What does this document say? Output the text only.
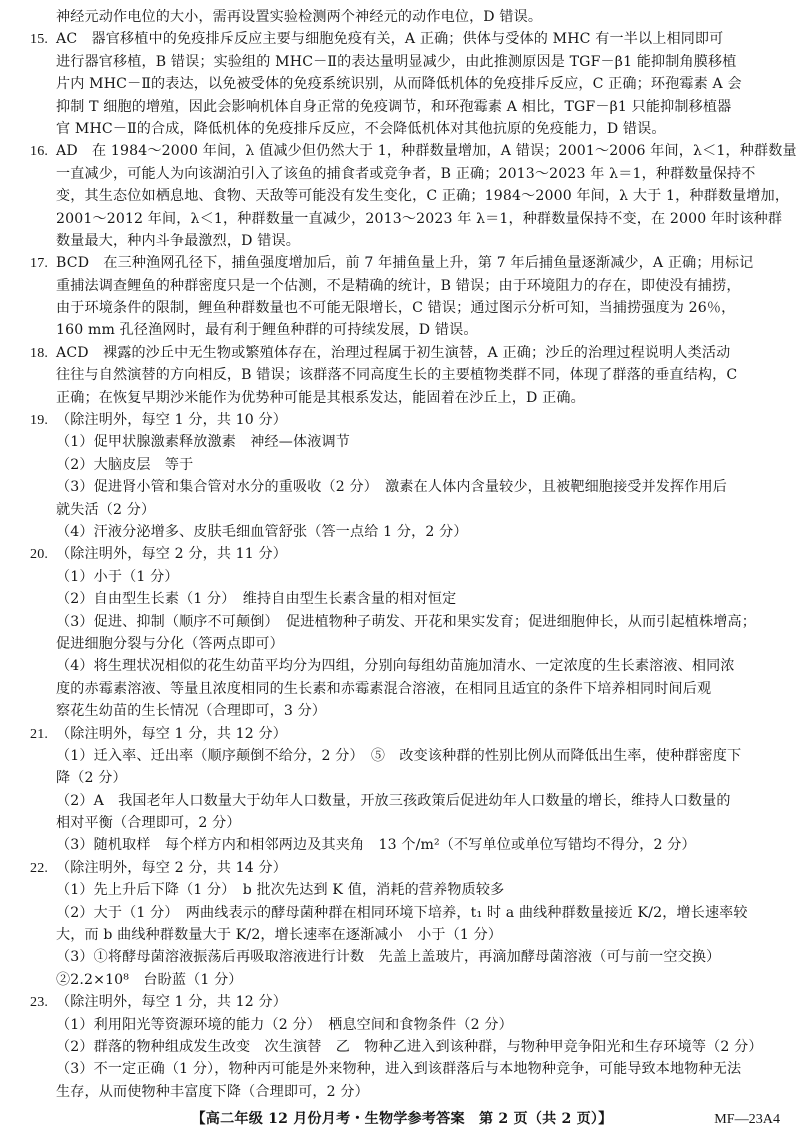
神经元动作电位的大小，需再设置实验检测两个神经元的动作电位，D 错误。
15. AC　器官移植中的免疫排斥反应主要与细胞免疫有关，A 正确；供体与受体的 MHC 有一半以上相同即可
进行器官移植，B 错误；实验组的 MHC－Ⅱ的表达量明显减少，由此推测原因是 TGF－β1 能抑制角膜移植
片内 MHC－Ⅱ的表达，以免被受体的免疫系统识别，从而降低机体的免疫排斥反应，C 正确；环孢霉素 A 会
抑制 T 细胞的增殖，因此会影响机体自身正常的免疫调节，和环孢霉素 A 相比，TGF－β1 只能抑制移植器
官 MHC－Ⅱ的合成，降低机体的免疫排斥反应，不会降低机体对其他抗原的免疫能力，D 错误。
16. AD　在 1984～2000 年间，λ 值减少但仍然大于 1，种群数量增加，A 错误；2001～2006 年间，λ＜1，种群数量
一直减少，可能人为向该湖泊引入了该鱼的捕食者或竞争者，B 正确；2013～2023 年 λ＝1，种群数量保持不
变，其生态位如栖息地、食物、天敌等可能没有发生变化，C 正确；1984～2000 年间，λ 大于 1，种群数量增加，
2001～2012 年间，λ＜1，种群数量一直减少，2013～2023 年 λ＝1，种群数量保持不变，在 2000 年时该种群
数量最大，种内斗争最激烈，D 错误。
17. BCD　在三种渔网孔径下，捕鱼强度增加后，前 7 年捕鱼量上升，第 7 年后捕鱼量逐渐减少，A 正确；用标记
重捕法调查鲤鱼的种群密度只是一个估测，不是精确的统计，B 错误；由于环境阻力的存在，即使没有捕捞，
由于环境条件的限制，鲤鱼种群数量也不可能无限增长，C 错误；通过图示分析可知，当捕捞强度为 26％，
160 mm 孔径渔网时，最有利于鲤鱼种群的可持续发展，D 错误。
18. ACD　裸露的沙丘中无生物或繁殖体存在，治理过程属于初生演替，A 正确；沙丘的治理过程说明人类活动
往往与自然演替的方向相反，B 错误；该群落不同高度生长的主要植物类群不同，体现了群落的垂直结构，C
正确；在恢复早期沙米能作为优势种可能是其根系发达，能固着在沙丘上，D 正确。
19. （除注明外，每空 1 分，共 10 分）
（1）促甲状腺激素释放激素　神经—体液调节
（2）大脑皮层　等于
（3）促进肾小管和集合管对水分的重吸收（2 分）　激素在人体内含量较少，且被靶细胞接受并发挥作用后
就失活（2 分）
（4）汗液分泌增多、皮肤毛细血管舒张（答一点给 1 分，2 分）
20. （除注明外，每空 2 分，共 11 分）
（1）小于（1 分）
（2）自由型生长素（1 分）　维持自由型生长素含量的相对恒定
（3）促进、抑制（顺序不可颠倒）　促进植物种子萌发、开花和果实发育；促进细胞伸长，从而引起植株增高；
促进细胞分裂与分化（答两点即可）
（4）将生理状况相似的花生幼苗平均分为四组，分别向每组幼苗施加清水、一定浓度的生长素溶液、相同浓
度的赤霉素溶液、等量且浓度相同的生长素和赤霉素混合溶液，在相同且适宜的条件下培养相同时间后观
察花生幼苗的生长情况（合理即可，3 分）
21. （除注明外，每空 1 分，共 12 分）
（1）迁入率、迁出率（顺序颠倒不给分，2 分）　⑤　改变该种群的性别比例从而降低出生率，使种群密度下
降（2 分）
（2）A　我国老年人口数量大于幼年人口数量，开放三孩政策后促进幼年人口数量的增长，维持人口数量的
相对平衡（合理即可，2 分）
（3）随机取样　每个样方内和相邻两边及其夹角　13 个/m²（不写单位或单位写错均不得分，2 分）
22. （除注明外，每空 2 分，共 14 分）
（1）先上升后下降（1 分）　b 批次先达到 K 值，消耗的营养物质较多
（2）大于（1 分）　两曲线表示的酵母菌种群在相同环境下培养，t₁ 时 a 曲线种群数量接近 K/2，增长速率较
大，而 b 曲线种群数量大于 K/2，增长速率在逐渐减小　小于（1 分）
（3）①将酵母菌溶液振荡后再吸取溶液进行计数　先盖上盖玻片，再滴加酵母菌溶液（可与前一空交换）
②2.2×10⁸　台盼蓝（1 分）
23. （除注明外，每空 1 分，共 12 分）
（1）利用阳光等资源环境的能力（2 分）　栖息空间和食物条件（2 分）
（2）群落的物种组成发生改变　次生演替　乙　物种乙进入到该种群，与物种甲竞争阳光和生存环境等（2 分）
（3）不一定正确（1 分），物种丙可能是外来物种，进入到该群落后与本地物种竞争，可能导致本地物种无法
生存，从而使物种丰富度下降（合理即可，2 分）
【高二年级 12 月份月考・生物学参考答案　第 2 页（共 2 页）】	MF—23A4
